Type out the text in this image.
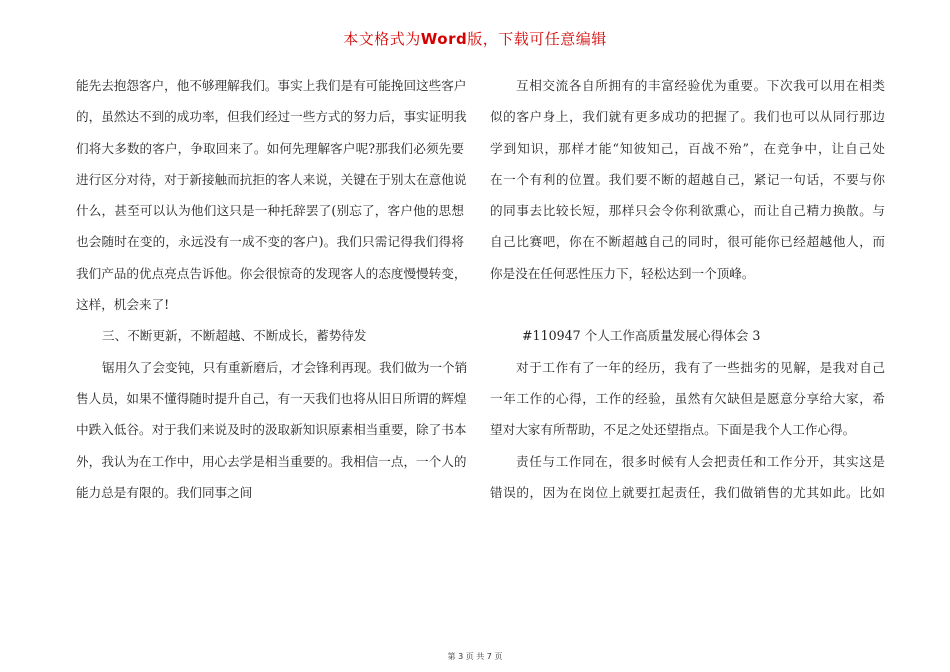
本文格式为Word版，下载可任意编辑
能先去抱怨客户，他不够理解我们。事实上我们是有可能挽回这些客户
的，虽然达不到的成功率，但我们经过一些方式的努力后，事实证明我
们将大多数的客户，争取回来了。如何先理解客户呢?那我们必须先要
进行区分对待，对于新接触而抗拒的客人来说，关键在于别太在意他说
什么，甚至可以认为他们这只是一种托辞罢了(别忘了，客户他的思想
也会随时在变的，永远没有一成不变的客户)。我们只需记得我们得将
我们产品的优点亮点告诉他。你会很惊奇的发现客人的态度慢慢转变，
这样，机会来了!
三、不断更新，不断超越、不断成长，蓄势待发
锯用久了会变钝，只有重新磨后，才会锋利再现。我们做为一个销
售人员，如果不懂得随时提升自己，有一天我们也将从旧日所谓的辉煌
中跌入低谷。对于我们来说及时的汲取新知识原素相当重要，除了书本
外，我认为在工作中，用心去学是相当重要的。我相信一点，一个人的
能力总是有限的。我们同事之间
互相交流各自所拥有的丰富经验优为重要。下次我可以用在相类
似的客户身上，我们就有更多成功的把握了。我们也可以从同行那边
学到知识，那样才能“知彼知己，百战不殆”，在竞争中，让自己处
在一个有利的位置。我们要不断的超越自己，紧记一句话，不要与你
的同事去比较长短，那样只会令你利欲熏心，而让自己精力换散。与
自己比赛吧，你在不断超越自己的同时，很可能你已经超越他人，而
你是没在任何恶性压力下，轻松达到一个顶峰。
#110947 个人工作高质量发展心得体会 3
对于工作有了一年的经历，我有了一些拙劣的见解，是我对自己
一年工作的心得，工作的经验，虽然有欠缺但是愿意分享给大家，希
望对大家有所帮助，不足之处还望指点。下面是我个人工作心得。
责任与工作同在，很多时候有人会把责任和工作分开，其实这是
错误的，因为在岗位上就要扛起责任，我们做销售的尤其如此。比如
第 3 页 共 7 页
